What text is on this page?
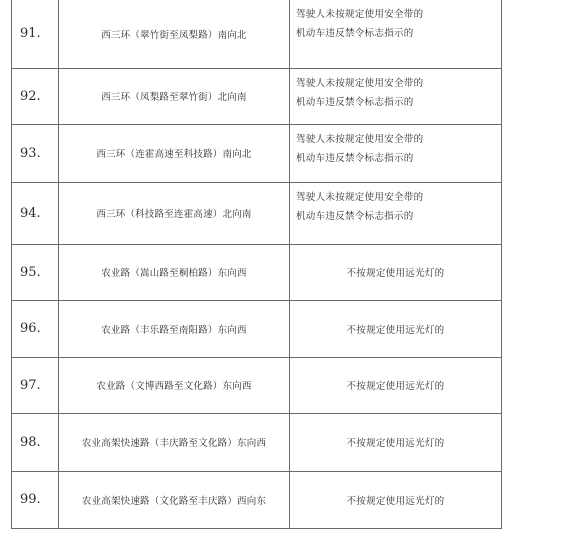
91.	西三环（翠竹街至凤梨路）南向北	驾驶人未按规定使用安全带的
机动车违反禁令标志指示的

92.	西三环（凤梨路至翠竹街）北向南	驾驶人未按规定使用安全带的
机动车违反禁令标志指示的

93.	西三环（连霍高速至科技路）南向北	驾驶人未按规定使用安全带的
机动车违反禁令标志指示的

94.	西三环（科技路至连霍高速）北向南	驾驶人未按规定使用安全带的
机动车违反禁令标志指示的

95.	农业路（嵩山路至桐柏路）东向西	不按规定使用远光灯的
96.	农业路（丰乐路至南阳路）东向西	不按规定使用远光灯的
97.	农业路（文博西路至文化路）东向西	不按规定使用远光灯的
98.	农业高架快速路（丰庆路至文化路）东向西	不按规定使用远光灯的
99.	农业高架快速路（文化路至丰庆路）西向东	不按规定使用远光灯的
